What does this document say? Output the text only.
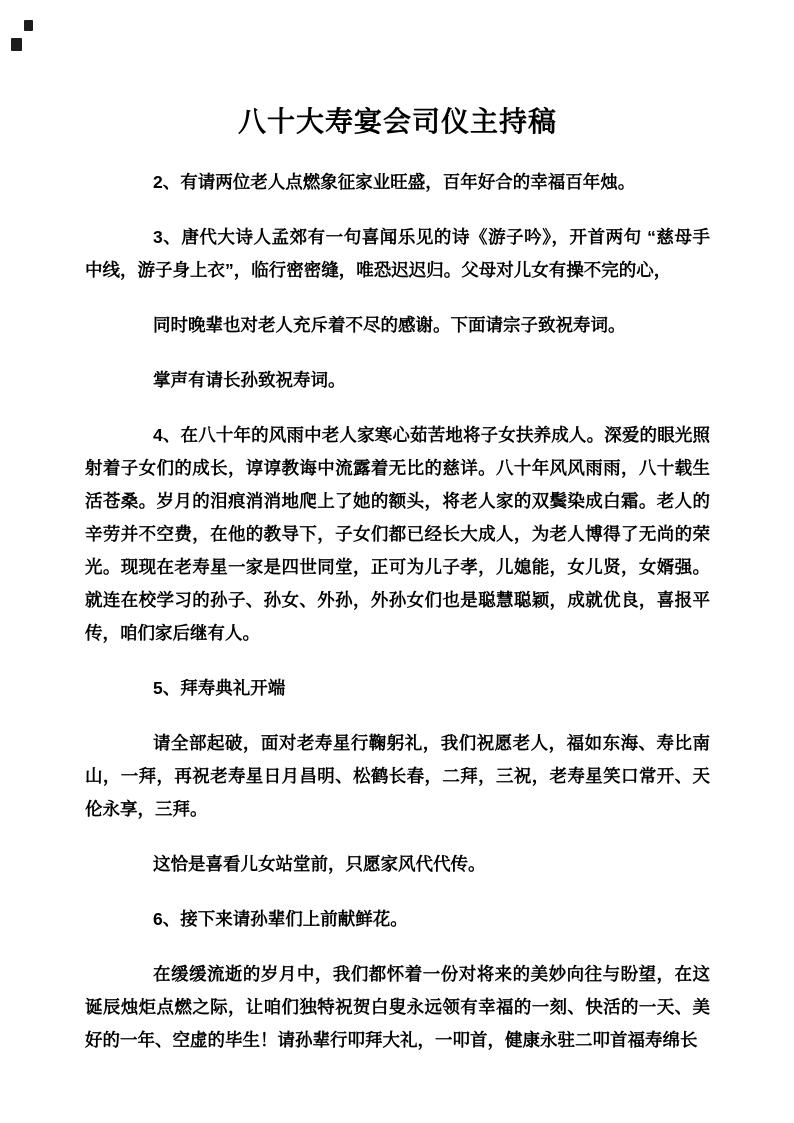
八十大寿宴会司仪主持稿

2、有请两位老人点燃象征家业旺盛，百年好合的幸福百年烛。

3、唐代大诗人孟郊有一句喜闻乐见的诗《游子吟》，开首两句 “慈母手中线，游子身上衣”，临行密密缝，唯恐迟迟归。父母对儿女有操不完的心，

同时晚辈也对老人充斥着不尽的感谢。下面请宗子致祝寿词。

掌声有请长孙致祝寿词。

4、在八十年的风雨中老人家寒心茹苦地将子女扶养成人。深爱的眼光照射着子女们的成长，谆谆教诲中流露着无比的慈详。八十年风风雨雨，八十载生活苍桑。岁月的泪痕消消地爬上了她的额头，将老人家的双鬓染成白霜。老人的辛劳并不空费，在他的教导下，子女们都已经长大成人，为老人博得了无尚的荣光。现现在老寿星一家是四世同堂，正可为儿子孝，儿媳能，女儿贤，女婿强。就连在校学习的孙子、孙女、外孙，外孙女们也是聪慧聪颖，成就优良，喜报平传，咱们家后继有人。

5、拜寿典礼开端

请全部起破，面对老寿星行鞠躬礼，我们祝愿老人，福如东海、寿比南山，一拜，再祝老寿星日月昌明、松鹤长春，二拜，三祝，老寿星笑口常开、天伦永享，三拜。

这恰是喜看儿女站堂前，只愿家风代代传。

6、接下来请孙辈们上前献鲜花。

在缓缓流逝的岁月中，我们都怀着一份对将来的美妙向往与盼望，在这诞辰烛炬点燃之际，让咱们独特祝贺白叟永远领有幸福的一刻、快活的一天、美好的一年、空虚的毕生！请孙辈行叩拜大礼，一叩首，健康永驻二叩首福寿绵长
